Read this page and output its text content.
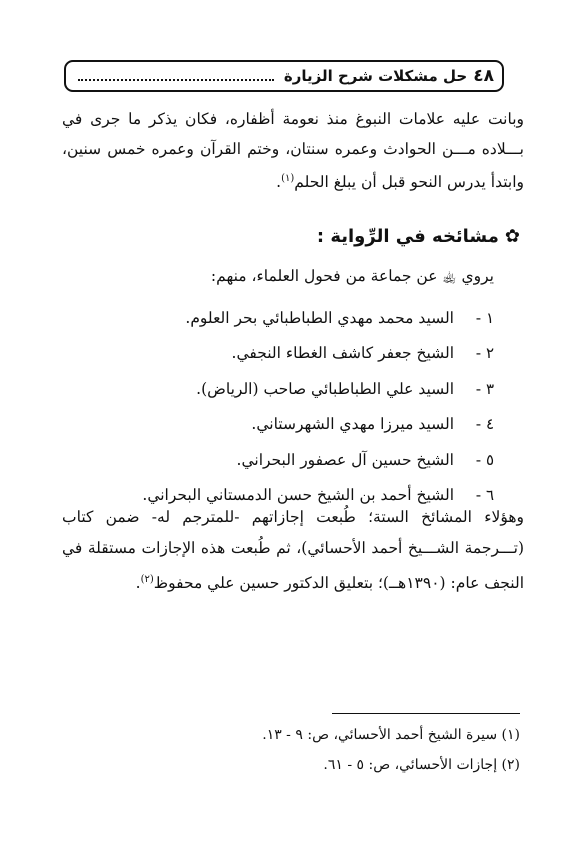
٤٨
حل مشكلات شرح الزيارة
وبانت عليه علامات النبوغ منذ نعومة أظفاره، فكان يذكر ما جرى في بـــلاده مـــن الحوادث وعمره سنتان، وختم القرآن وعمره خمس سنين، وابتدأ يدرس النحو قبل أن يبلغ الحلم$^{(١)}$.
✿
مشائخه في الرِّواية :
يروي ﵀ عن جماعة من فحول العلماء، منهم:
١ -
السيد محمد مهدي الطباطبائي بحر العلوم.
٢ -
الشيخ جعفر كاشف الغطاء النجفي.
٣ -
السيد علي الطباطبائي صاحب (الرياض).
٤ -
السيد ميرزا مهدي الشهرستاني.
٥ -
الشيخ حسين آل عصفور البحراني.
٦ -
الشيخ أحمد بن الشيخ حسن الدمستاني البحراني.
وهؤلاء المشائخ الستة؛ طُبعت إجازاتهم -للمترجم له- ضمن كتاب (تـــرجمة الشـــيخ أحمد الأحسائي)، ثم طُبعت هذه الإجازات مستقلة في النجف عام: (١٣٩٠هــ)؛ بتعليق الدكتور حسين علي محفوظ$^{(٢)}$.
(١) سيرة الشيخ أحمد الأحسائي، ص: ٩ - ١٣.
(٢) إجازات الأحسائي، ص: ٥ - ٦١.
